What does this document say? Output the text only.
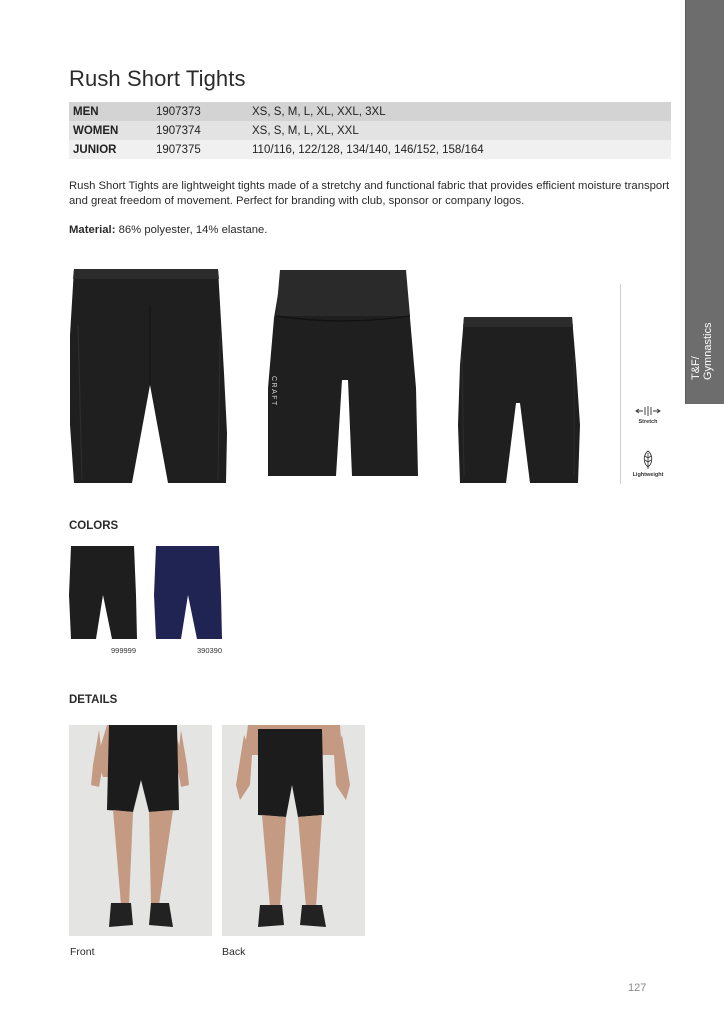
T&F/
Gymnastics
Rush Short Tights
MEN	1907373	XS, S, M, L, XL, XXL, 3XL
WOMEN	1907374	XS, S, M, L, XL, XXL
JUNIOR	1907375	110/116, 122/128, 134/140, 146/152, 158/164

Rush Short Tights are lightweight tights made of a stretchy and functional fabric that provides efficient moisture transport and great freedom of movement. Perfect for branding with club, sponsor or company logos.

Material: 86% polyester, 14% elastane.
CRAFT
Stretch
Lightweight
COLORS
999999	390390
DETAILS
Front	Back
127
